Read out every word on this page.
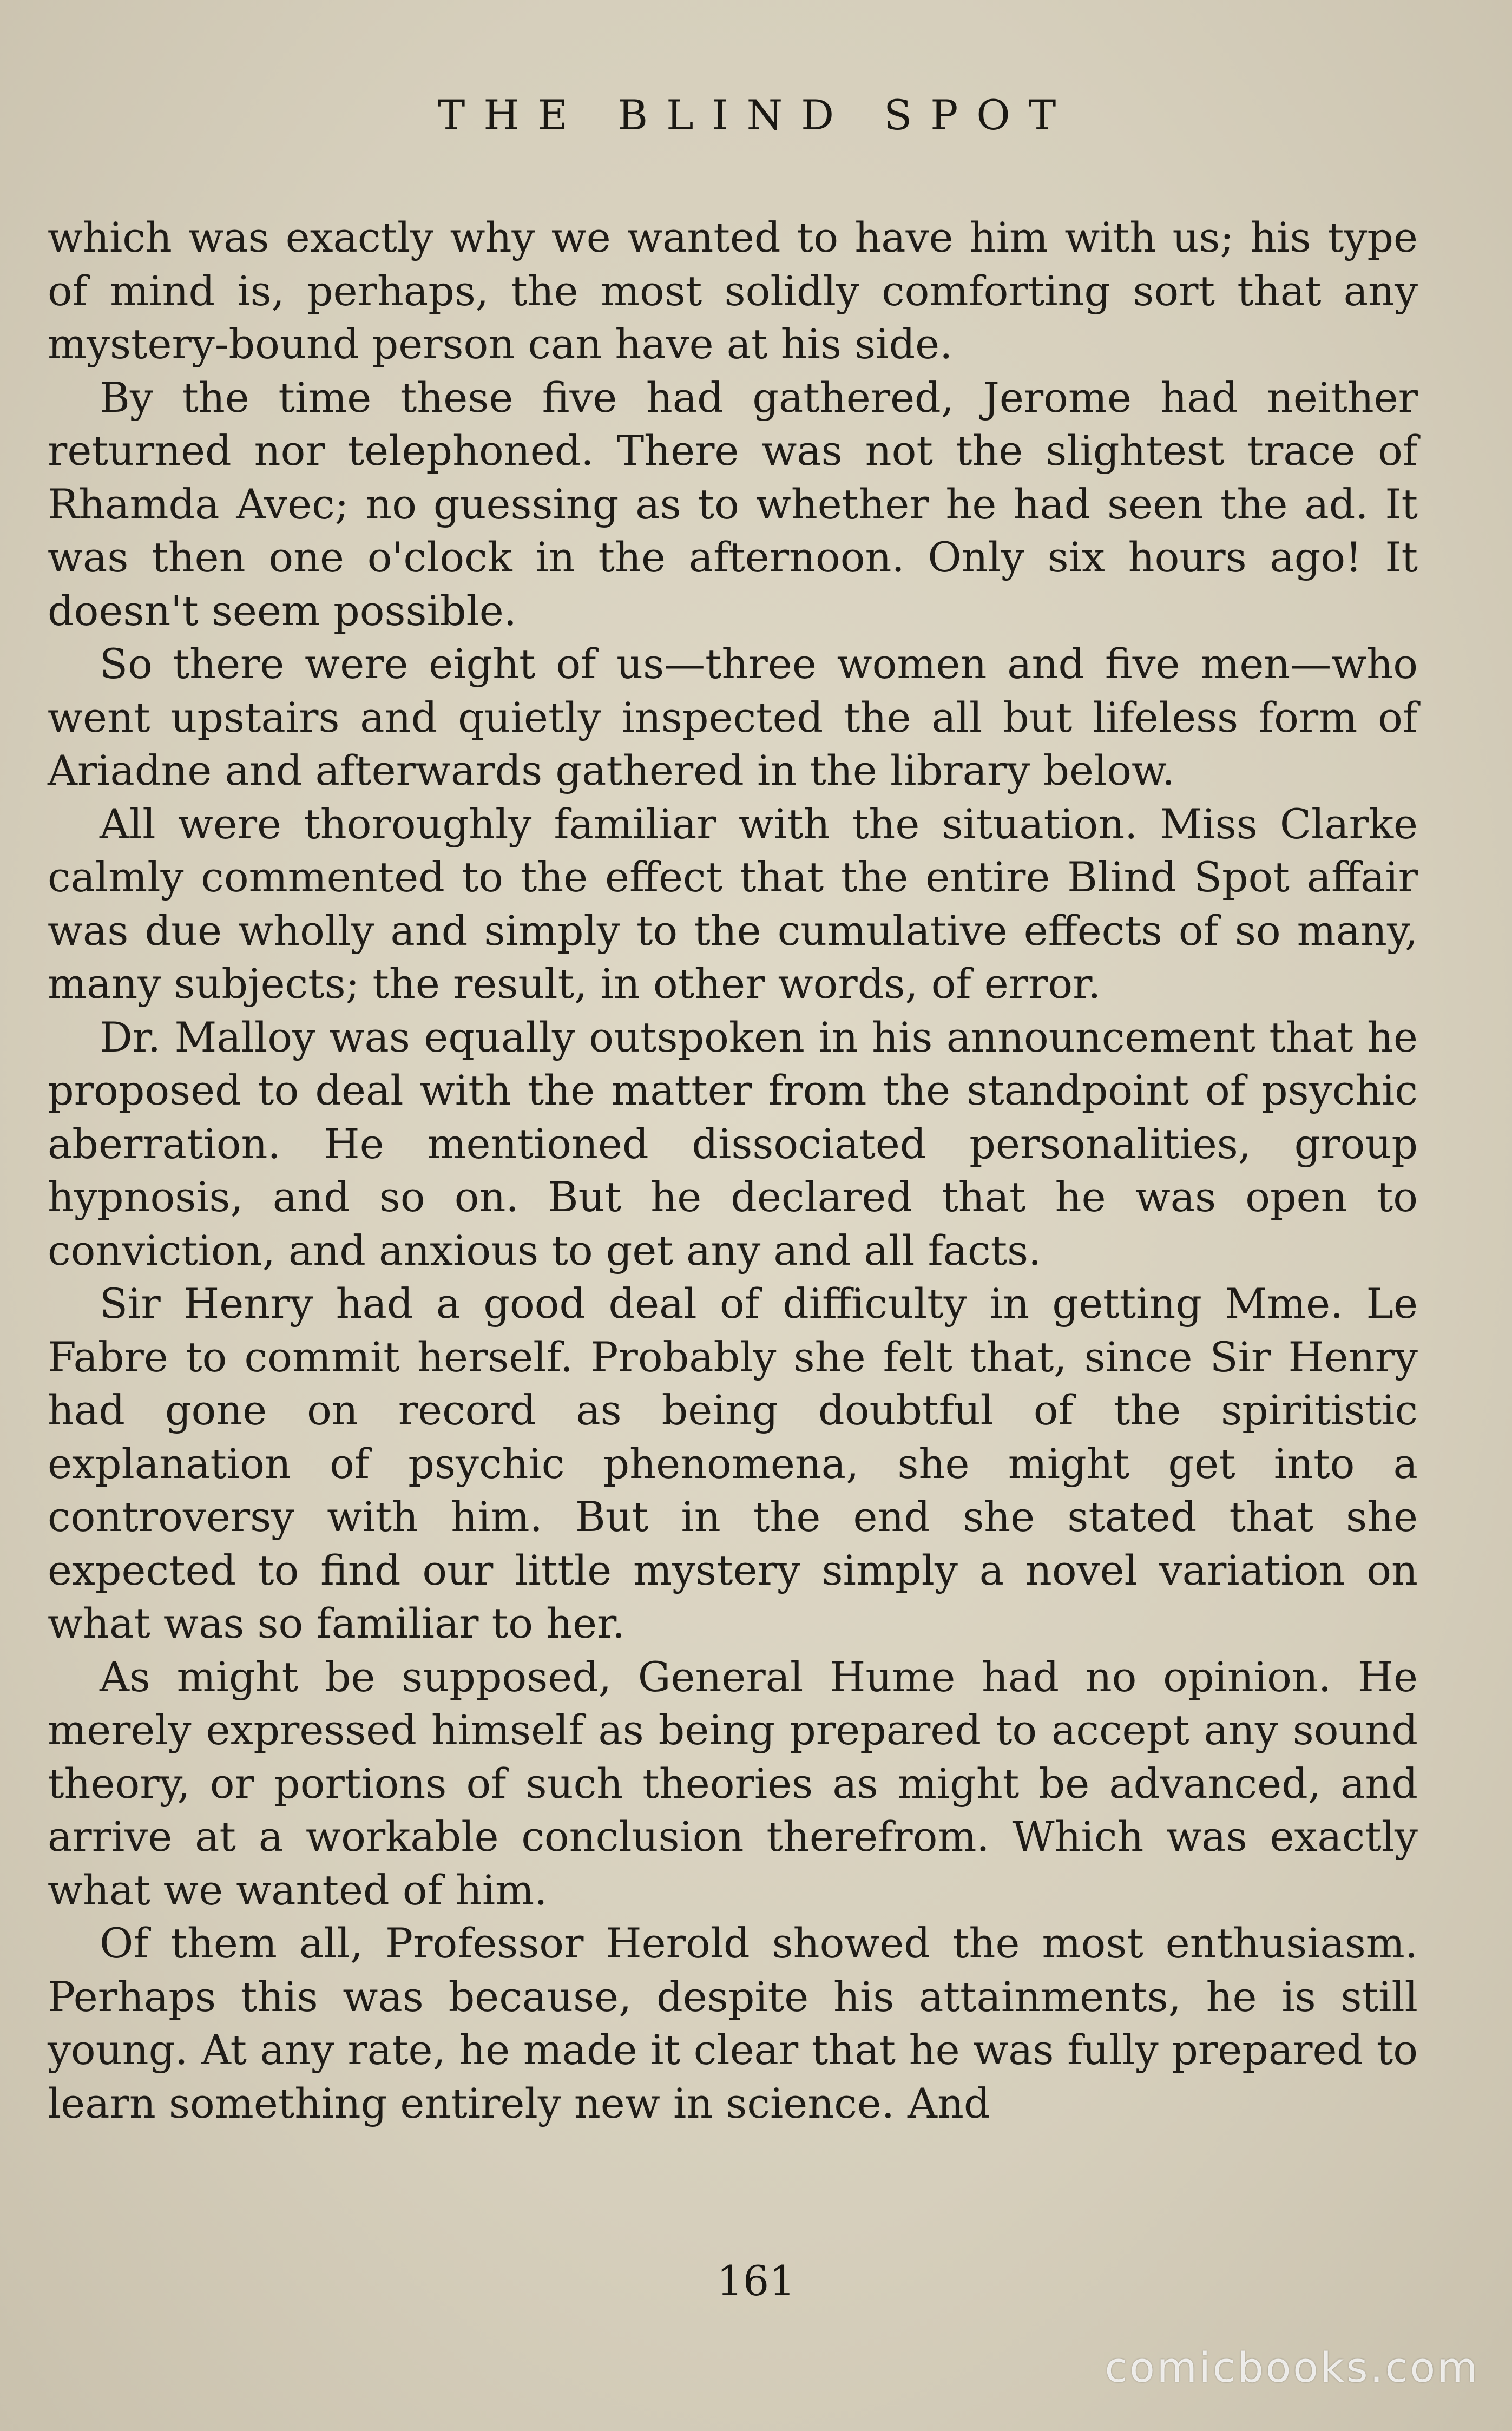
THE BLIND SPOT

which was exactly why we wanted to have him with us; his type of mind is, perhaps, the most solidly comforting sort that any mystery-bound person can have at his side.

By the time these five had gathered, Jerome had neither returned nor telephoned. There was not the slightest trace of Rhamda Avec; no guessing as to whether he had seen the ad. It was then one o'clock in the afternoon. Only six hours ago! It doesn't seem possible.

So there were eight of us—three women and five men—who went upstairs and quietly inspected the all but lifeless form of Ariadne and afterwards gathered in the library below.

All were thoroughly familiar with the situation. Miss Clarke calmly commented to the effect that the entire Blind Spot affair was due wholly and simply to the cumulative effects of so many, many subjects; the result, in other words, of error.

Dr. Malloy was equally outspoken in his announcement that he proposed to deal with the matter from the standpoint of psychic aberration. He mentioned dissociated personalities, group hypnosis, and so on. But he declared that he was open to conviction, and anxious to get any and all facts.

Sir Henry had a good deal of difficulty in getting Mme. Le Fabre to commit herself. Probably she felt that, since Sir Henry had gone on record as being doubtful of the spiritistic explanation of psychic phenomena, she might get into a controversy with him. But in the end she stated that she expected to find our little mystery simply a novel variation on what was so familiar to her.

As might be supposed, General Hume had no opinion. He merely expressed himself as being prepared to accept any sound theory, or portions of such theories as might be advanced, and arrive at a workable conclusion therefrom. Which was exactly what we wanted of him.

Of them all, Professor Herold showed the most enthusiasm. Perhaps this was because, despite his attainments, he is still young. At any rate, he made it clear that he was fully prepared to learn something entirely new in science. And

161
comicbooks.com
